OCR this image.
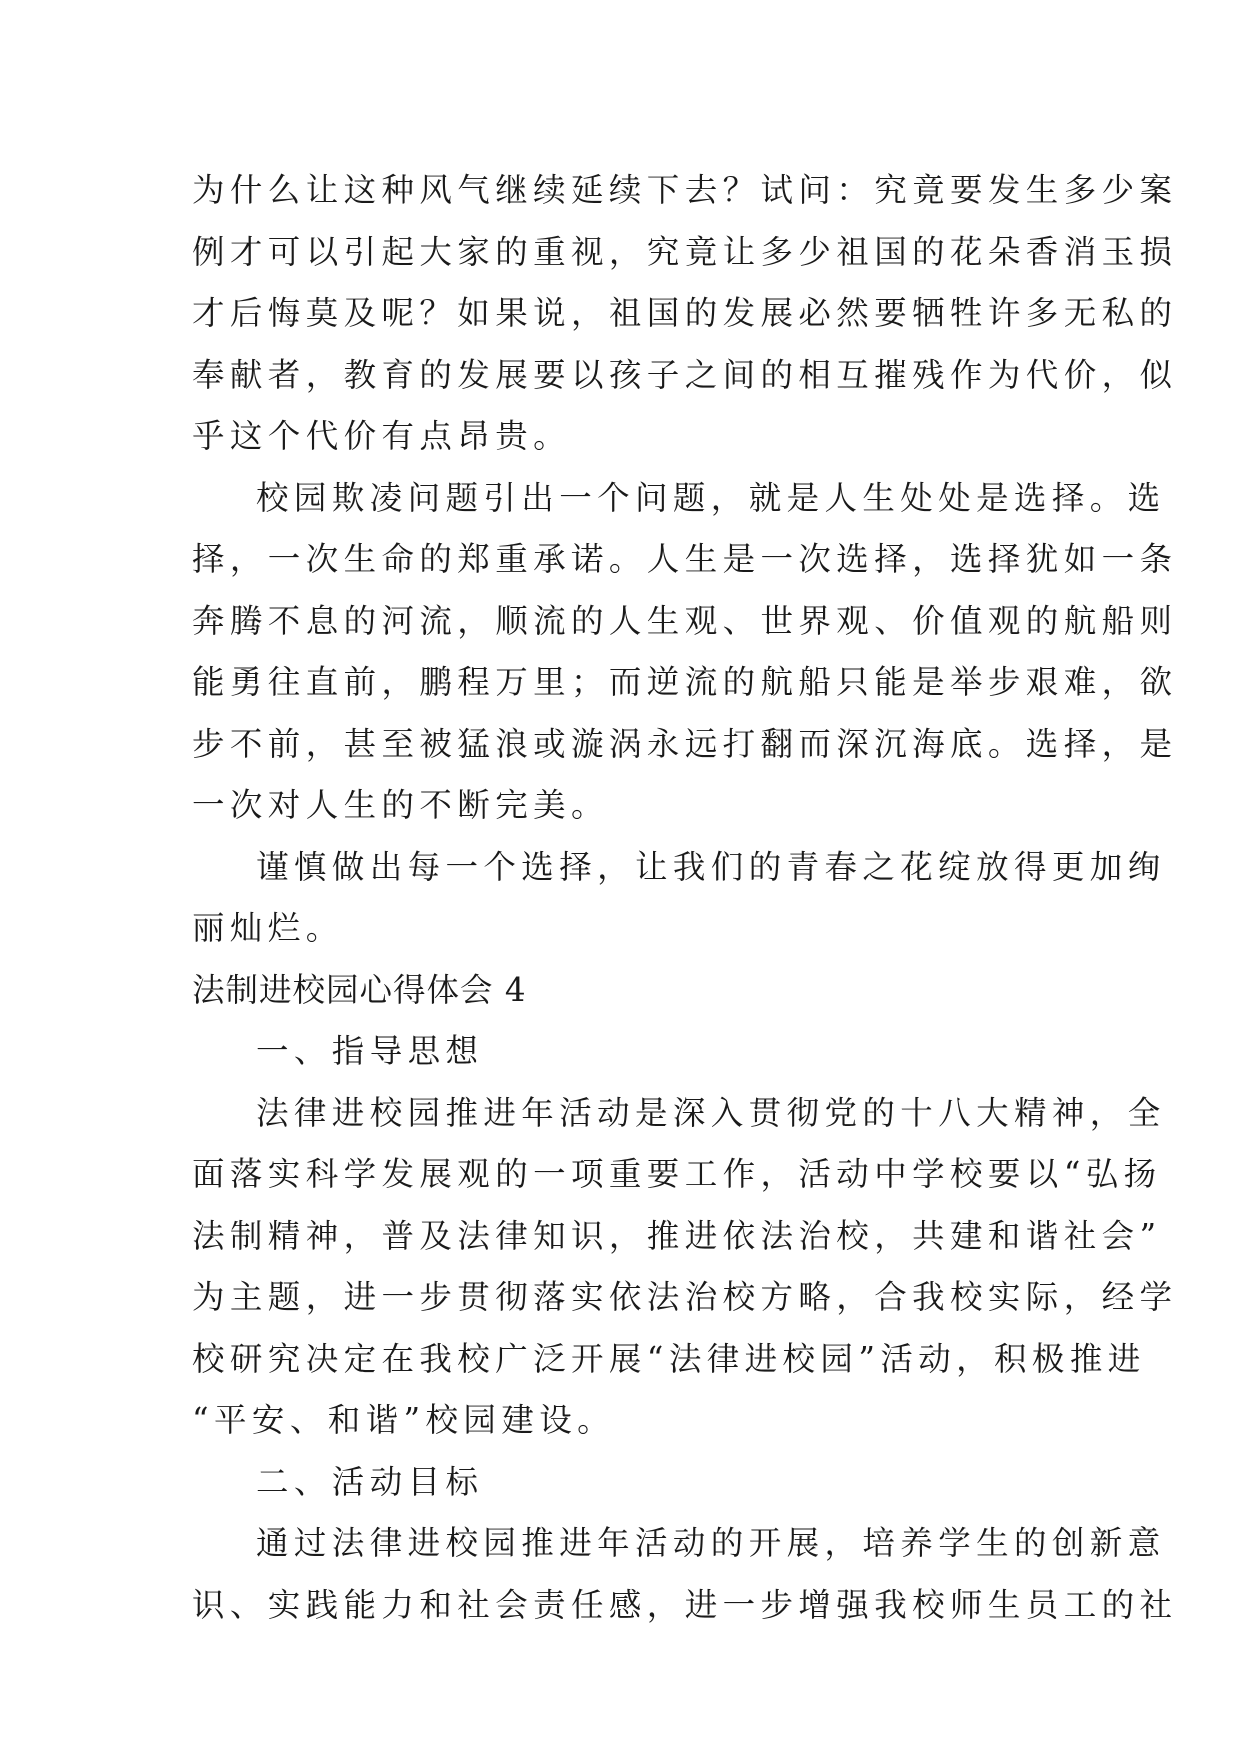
为什么让这种风气继续延续下去？试问：究竟要发生多少案
例才可以引起大家的重视，究竟让多少祖国的花朵香消玉损
才后悔莫及呢？如果说，祖国的发展必然要牺牲许多无私的
奉献者，教育的发展要以孩子之间的相互摧残作为代价，似
乎这个代价有点昂贵。
校园欺凌问题引出一个问题，就是人生处处是选择。选
择，一次生命的郑重承诺。人生是一次选择，选择犹如一条
奔腾不息的河流，顺流的人生观、世界观、价值观的航船则
能勇往直前，鹏程万里；而逆流的航船只能是举步艰难，欲
步不前，甚至被猛浪或漩涡永远打翻而深沉海底。选择，是
一次对人生的不断完美。
谨慎做出每一个选择，让我们的青春之花绽放得更加绚
丽灿烂。
法制进校园心得体会 4
一、指导思想
法律进校园推进年活动是深入贯彻党的十八大精神，全
面落实科学发展观的一项重要工作，活动中学校要以“弘扬
法制精神，普及法律知识，推进依法治校，共建和谐社会”
为主题，进一步贯彻落实依法治校方略，合我校实际，经学
校研究决定在我校广泛开展“法律进校园”活动，积极推进
“平安、和谐”校园建设。
二、活动目标
通过法律进校园推进年活动的开展，培养学生的创新意
识、实践能力和社会责任感，进一步增强我校师生员工的社
